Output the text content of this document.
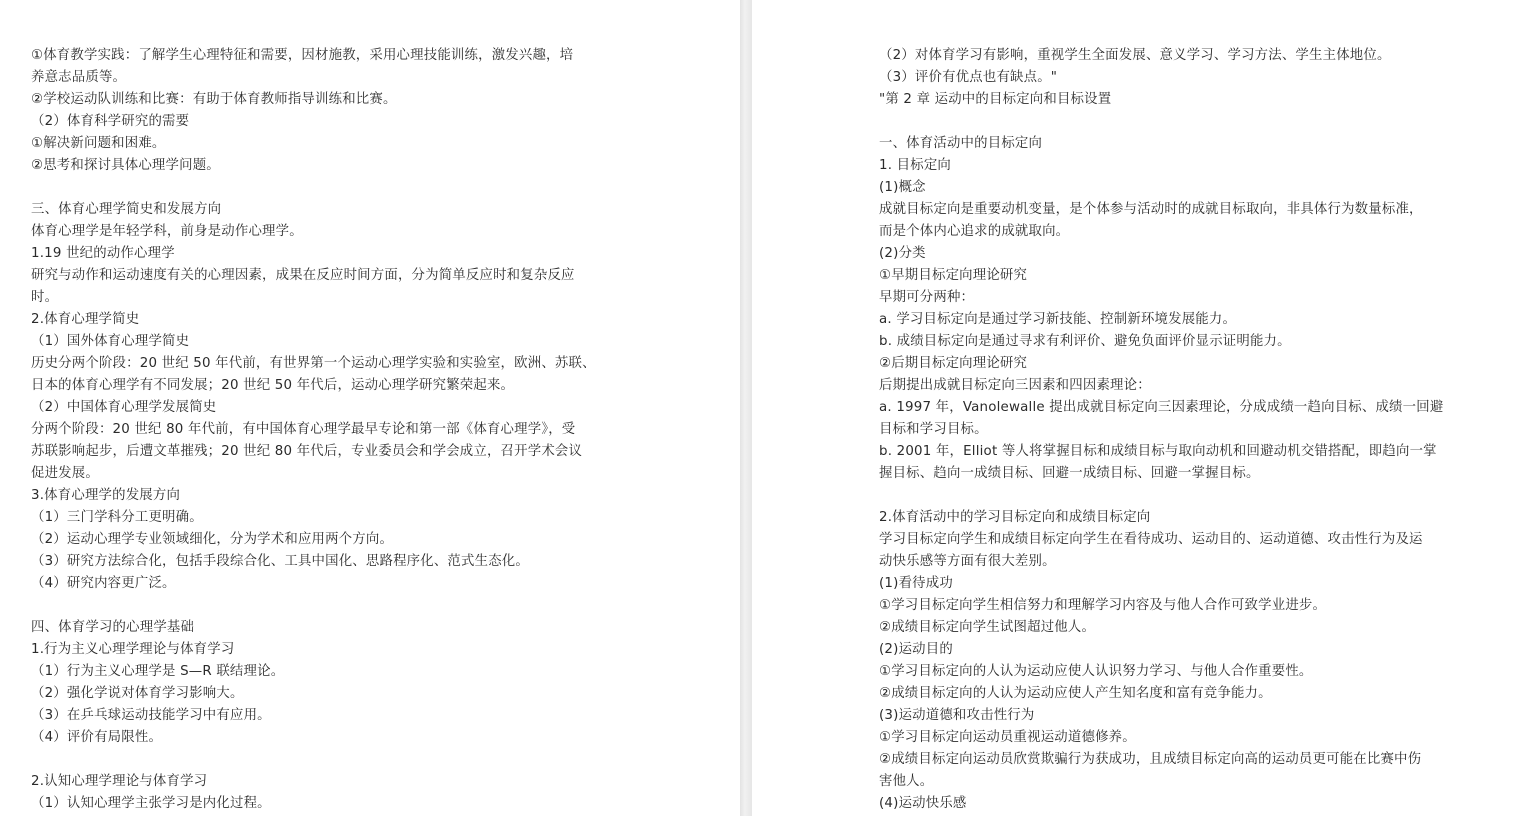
①体育教学实践：了解学生心理特征和需要，因材施教，采用心理技能训练，激发兴趣，培
养意志品质等。
②学校运动队训练和比赛：有助于体育教师指导训练和比赛。
（2）体育科学研究的需要
①解决新问题和困难。
②思考和探讨具体心理学问题。
三、体育心理学简史和发展方向
体育心理学是年轻学科，前身是动作心理学。
1.19 世纪的动作心理学
研究与动作和运动速度有关的心理因素，成果在反应时间方面，分为简单反应时和复杂反应
时。
2.体育心理学简史
（1）国外体育心理学简史
历史分两个阶段：20 世纪 50 年代前，有世界第一个运动心理学实验和实验室，欧洲、苏联、
日本的体育心理学有不同发展；20 世纪 50 年代后，运动心理学研究繁荣起来。
（2）中国体育心理学发展简史
分两个阶段：20 世纪 80 年代前，有中国体育心理学最早专论和第一部《体育心理学》，受
苏联影响起步，后遭文革摧残；20 世纪 80 年代后，专业委员会和学会成立，召开学术会议
促进发展。
3.体育心理学的发展方向
（1）三门学科分工更明确。
（2）运动心理学专业领域细化，分为学术和应用两个方向。
（3）研究方法综合化，包括手段综合化、工具中国化、思路程序化、范式生态化。
（4）研究内容更广泛。
四、体育学习的心理学基础
1.行为主义心理学理论与体育学习
（1）行为主义心理学是 S—R 联结理论。
（2）强化学说对体育学习影响大。
（3）在乒乓球运动技能学习中有应用。
（4）评价有局限性。
2.认知心理学理论与体育学习
（1）认知心理学主张学习是内化过程。
（2）对体育学习有影响，重视学生全面发展、意义学习、学习方法、学生主体地位。
（3）评价有优点也有缺点。"
"第 2 章 运动中的目标定向和目标设置
一、体育活动中的目标定向
1. 目标定向
(1)概念
成就目标定向是重要动机变量，是个体参与活动时的成就目标取向，非具体行为数量标准，
而是个体内心追求的成就取向。
(2)分类
①早期目标定向理论研究
早期可分两种：
a. 学习目标定向是通过学习新技能、控制新环境发展能力。
b. 成绩目标定向是通过寻求有利评价、避免负面评价显示证明能力。
②后期目标定向理论研究
后期提出成就目标定向三因素和四因素理论：
a. 1997 年，Vanolewalle 提出成就目标定向三因素理论，分成成绩一趋向目标、成绩一回避
目标和学习目标。
b. 2001 年，Elliot 等人将掌握目标和成绩目标与取向动机和回避动机交错搭配，即趋向一掌
握目标、趋向一成绩目标、回避一成绩目标、回避一掌握目标。
2.体育活动中的学习目标定向和成绩目标定向
学习目标定向学生和成绩目标定向学生在看待成功、运动目的、运动道德、攻击性行为及运
动快乐感等方面有很大差别。
(1)看待成功
①学习目标定向学生相信努力和理解学习内容及与他人合作可致学业进步。
②成绩目标定向学生试图超过他人。
(2)运动目的
①学习目标定向的人认为运动应使人认识努力学习、与他人合作重要性。
②成绩目标定向的人认为运动应使人产生知名度和富有竞争能力。
(3)运动道德和攻击性行为
①学习目标定向运动员重视运动道德修养。
②成绩目标定向运动员欣赏欺骗行为获成功，且成绩目标定向高的运动员更可能在比赛中伤
害他人。
(4)运动快乐感
